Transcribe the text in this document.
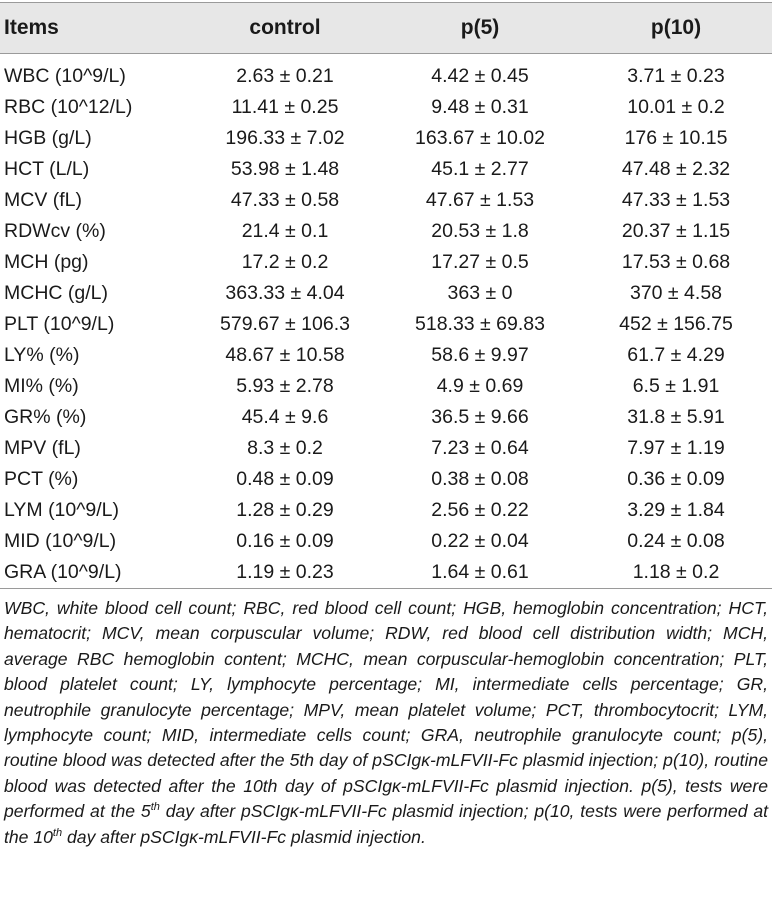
Items	control	p(5)	p(10)
WBC (10^9/L)	2.63 ± 0.21	4.42 ± 0.45	3.71 ± 0.23
RBC (10^12/L)	11.41 ± 0.25	9.48 ± 0.31	10.01 ± 0.2
HGB (g/L)	196.33 ± 7.02	163.67 ± 10.02	176 ± 10.15
HCT (L/L)	53.98 ± 1.48	45.1 ± 2.77	47.48 ± 2.32
MCV (fL)	47.33 ± 0.58	47.67 ± 1.53	47.33 ± 1.53
RDWcv (%)	21.4 ± 0.1	20.53 ± 1.8	20.37 ± 1.15
MCH (pg)	17.2 ± 0.2	17.27 ± 0.5	17.53 ± 0.68
MCHC (g/L)	363.33 ± 4.04	363 ± 0	370 ± 4.58
PLT (10^9/L)	579.67 ± 106.3	518.33 ± 69.83	452 ± 156.75
LY% (%)	48.67 ± 10.58	58.6 ± 9.97	61.7 ± 4.29
MI% (%)	5.93 ± 2.78	4.9 ± 0.69	6.5 ± 1.91
GR% (%)	45.4 ± 9.6	36.5 ± 9.66	31.8 ± 5.91
MPV (fL)	8.3 ± 0.2	7.23 ± 0.64	7.97 ± 1.19
PCT (%)	0.48 ± 0.09	0.38 ± 0.08	0.36 ± 0.09
LYM (10^9/L)	1.28 ± 0.29	2.56 ± 0.22	3.29 ± 1.84
MID (10^9/L)	0.16 ± 0.09	0.22 ± 0.04	0.24 ± 0.08
GRA (10^9/L)	1.19 ± 0.23	1.64 ± 0.61	1.18 ± 0.2
WBC, white blood cell count; RBC, red blood cell count; HGB, hemoglobin concentration; HCT, hematocrit; MCV, mean corpuscular volume; RDW, red blood cell distribution width; MCH, average RBC hemoglobin content; MCHC, mean corpuscular-hemoglobin concentration; PLT, blood platelet count; LY, lymphocyte percentage; MI, intermediate cells percentage; GR, neutrophile granulocyte percentage; MPV, mean platelet volume; PCT, thrombocytocrit; LYM, lymphocyte count; MID, intermediate cells count; GRA, neutrophile granulocyte count; p(5), routine blood was detected after the 5th day of pSCIgκ-mLFVII-Fc plasmid injection; p(10), routine blood was detected after the 10th day of pSCIgκ-mLFVII-Fc plasmid injection. p(5), tests were performed at the 5th day after pSCIgκ-mLFVII-Fc plasmid injection; p(10, tests were performed at the 10th day after pSCIgκ-mLFVII-Fc plasmid injection.
